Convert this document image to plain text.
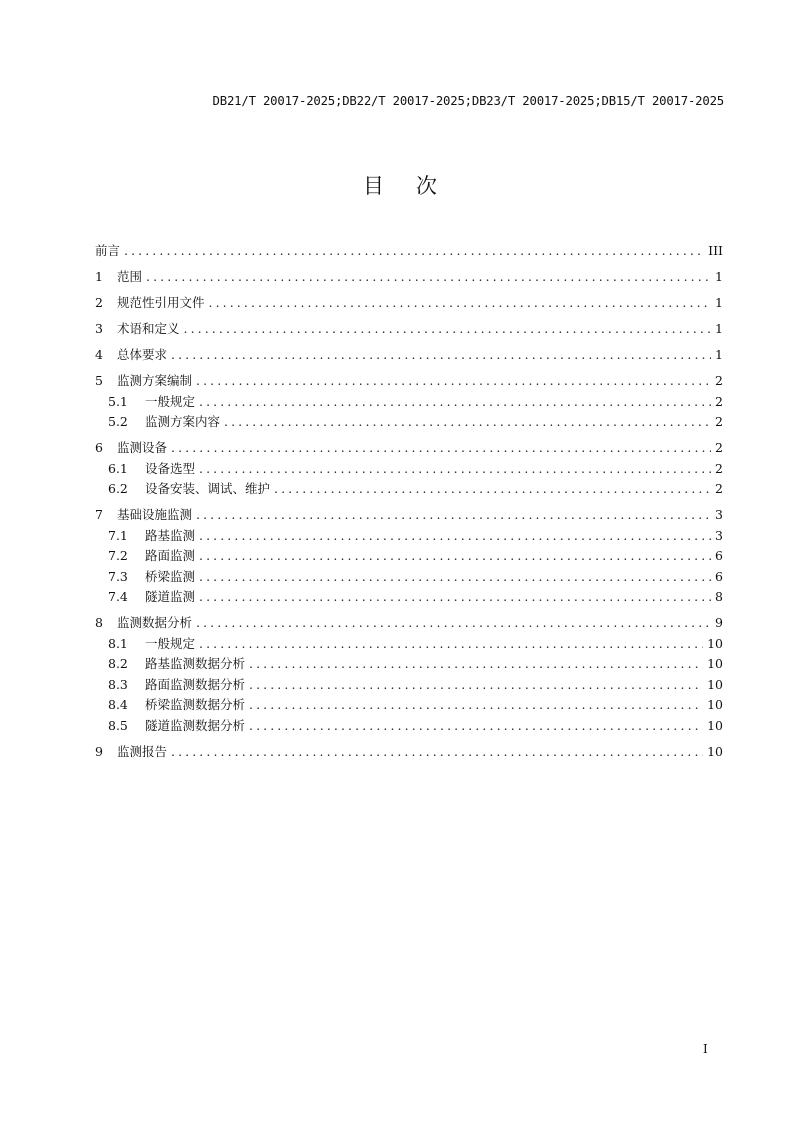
DB21/T 20017-2025;DB22/T 20017-2025;DB23/T 20017-2025;DB15/T 20017-2025
目 次
前言 .....	III
1	范围 .....	1
2	规范性引用文件 .....	1
3	术语和定义 .....	1
4	总体要求 .....	1
5	监测方案编制 .....	2
5.1	一般规定 .....	2
5.2	监测方案内容 .....	2
6	监测设备 .....	2
6.1	设备选型 .....	2
6.2	设备安装、调试、维护 .....	2
7	基础设施监测 .....	3
7.1	路基监测 .....	3
7.2	路面监测 .....	6
7.3	桥梁监测 .....	6
7.4	隧道监测 .....	8
8	监测数据分析 .....	9
8.1	一般规定 .....	10
8.2	路基监测数据分析 .....	10
8.3	路面监测数据分析 .....	10
8.4	桥梁监测数据分析 .....	10
8.5	隧道监测数据分析 .....	10
9	监测报告 .....	10
I
